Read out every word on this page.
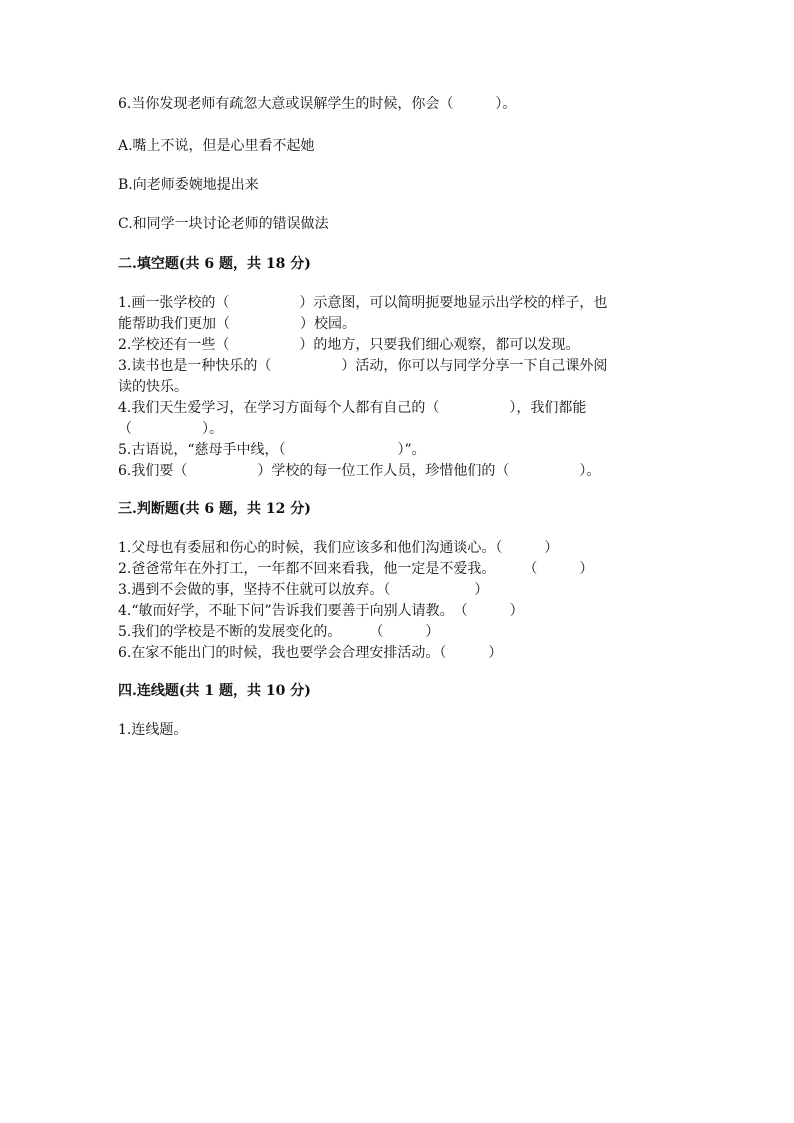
6.当你发现老师有疏忽大意或误解学生的时候，你会（　　　）。

A.嘴上不说，但是心里看不起她

B.向老师委婉地提出来

C.和同学一块讨论老师的错误做法

二.填空题(共 6 题，共 18 分)

1.画一张学校的（　　　　　）示意图，可以简明扼要地显示出学校的样子，也

能帮助我们更加（　　　　　）校园。

2.学校还有一些（　　　　　）的地方，只要我们细心观察，都可以发现。

3.读书也是一种快乐的（　　　　　）活动，你可以与同学分享一下自己课外阅

读的快乐。

4.我们天生爱学习，在学习方面每个人都有自己的（　　　　　），我们都能

（　　　　　）。

5.古语说，“慈母手中线，（　　　　　　　　）”。

6.我们要（　　　　　）学校的每一位工作人员，珍惜他们的（　　　　　）。

三.判断题(共 6 题，共 12 分)

1.父母也有委屈和伤心的时候，我们应该多和他们沟通谈心。（　　　）

2.爸爸常年在外打工，一年都不回来看我，他一定是不爱我。　　　（　　　）

3.遇到不会做的事，坚持不住就可以放弃。（　　　　　　）

4.“敏而好学，不耻下问”告诉我们要善于向别人请教。　（　　　）

5.我们的学校是不断的发展变化的。　　　（　　　）

6.在家不能出门的时候，我也要学会合理安排活动。（　　　）

四.连线题(共 1 题，共 10 分)

1.连线题。
